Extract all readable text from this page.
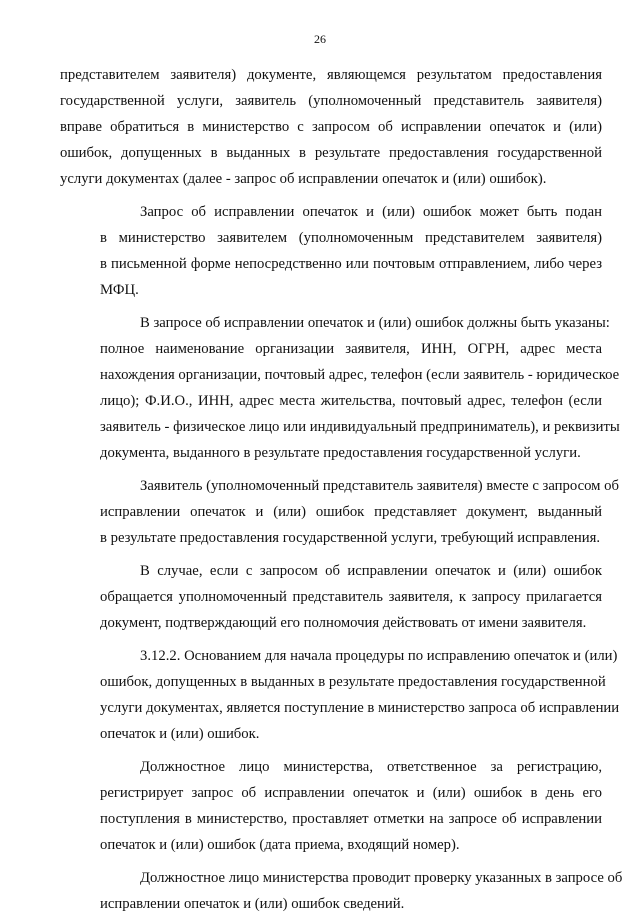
26
представителем заявителя) документе, являющемся результатом предоставления
государственной услуги, заявитель (уполномоченный представитель заявителя)
вправе обратиться в министерство с запросом об исправлении опечаток и (или)
ошибок, допущенных в выданных в результате предоставления государственной
услуги документах (далее - запрос об исправлении опечаток и (или) ошибок).
Запрос об исправлении опечаток и (или) ошибок может быть подан
в министерство заявителем (уполномоченным представителем заявителя)
в письменной форме непосредственно или почтовым отправлением, либо через
МФЦ.
В запросе об исправлении опечаток и (или) ошибок должны быть указаны:
полное наименование организации заявителя, ИНН, ОГРН, адрес места
нахождения организации, почтовый адрес, телефон (если заявитель - юридическое
лицо); Ф.И.О., ИНН, адрес места жительства, почтовый адрес, телефон (если
заявитель - физическое лицо или индивидуальный предприниматель), и реквизиты
документа, выданного в результате предоставления государственной услуги.
Заявитель (уполномоченный представитель заявителя) вместе с запросом об
исправлении опечаток и (или) ошибок представляет документ, выданный
в результате предоставления государственной услуги, требующий исправления.
В случае, если с запросом об исправлении опечаток и (или) ошибок
обращается уполномоченный представитель заявителя, к запросу прилагается
документ, подтверждающий его полномочия действовать от имени заявителя.
3.12.2. Основанием для начала процедуры по исправлению опечаток и (или)
ошибок, допущенных в выданных в результате предоставления государственной
услуги документах, является поступление в министерство запроса об исправлении
опечаток и (или) ошибок.
Должностное лицо министерства, ответственное за регистрацию,
регистрирует запрос об исправлении опечаток и (или) ошибок в день его
поступления в министерство, проставляет отметки на запросе об исправлении
опечаток и (или) ошибок (дата приема, входящий номер).
Должностное лицо министерства проводит проверку указанных в запросе об
исправлении опечаток и (или) ошибок сведений.
